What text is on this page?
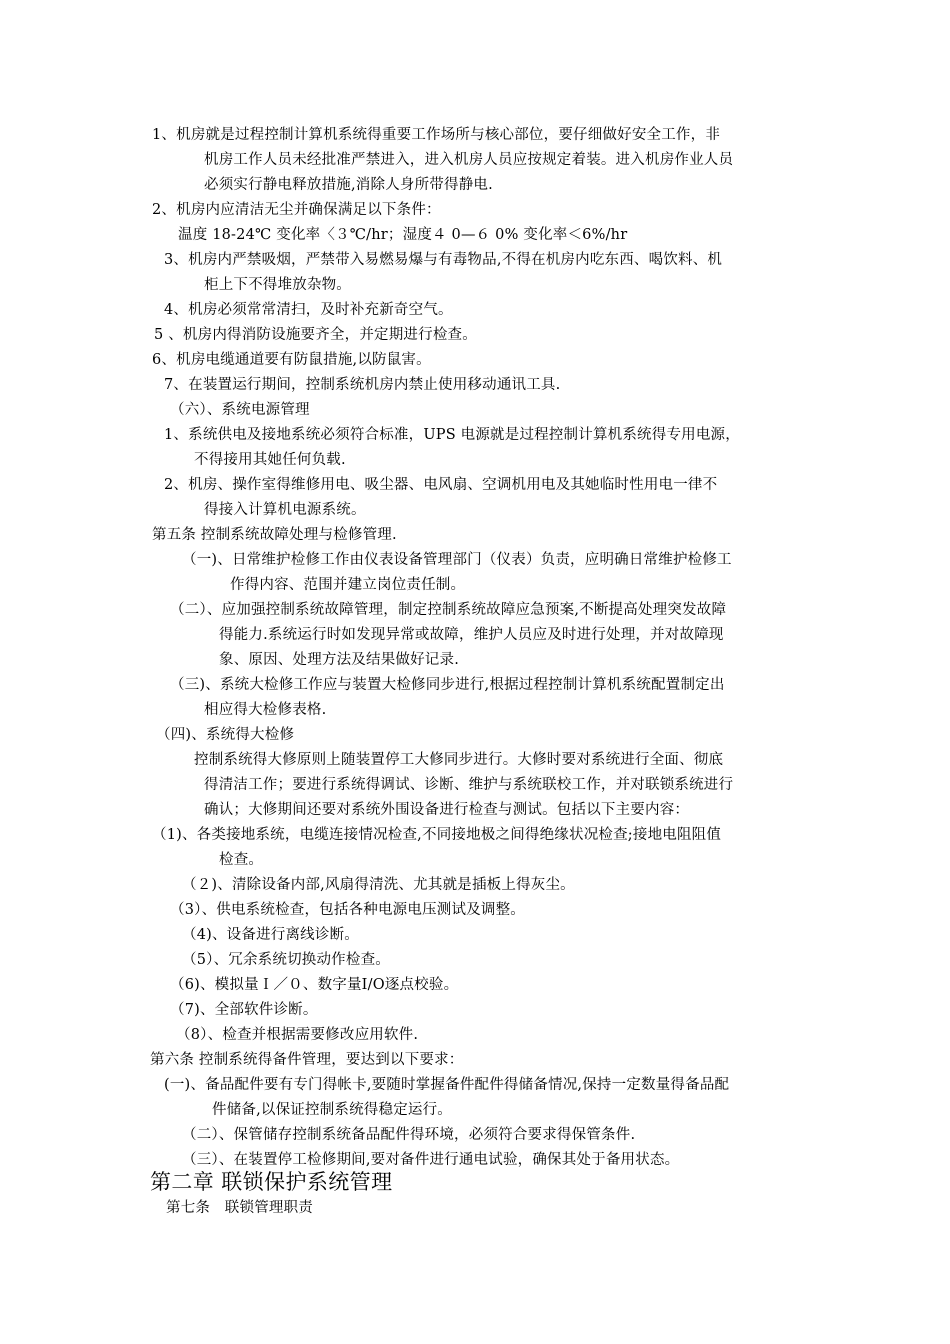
1、机房就是过程控制计算机系统得重要工作场所与核心部位，要仔细做好安全工作，非
机房工作人员未经批准严禁进入，进入机房人员应按规定着装。进入机房作业人员
必须实行静电释放措施,消除人身所带得静电.
2、机房内应清洁无尘并确保满足以下条件：
温度 18-24℃ 变化率〈３℃/hr；湿度４ 0—６ 0% 变化率＜6%/hr
3、机房内严禁吸烟，严禁带入易燃易爆与有毒物品,不得在机房内吃东西、喝饮料、机
柜上下不得堆放杂物。
4、机房必须常常清扫，及时补充新奇空气。
5 、机房内得消防设施要齐全，并定期进行检查。
6、机房电缆通道要有防鼠措施,以防鼠害。
7、在装置运行期间，控制系统机房内禁止使用移动通讯工具.
（六）、系统电源管理
1、系统供电及接地系统必须符合标准，UPS 电源就是过程控制计算机系统得专用电源，
不得接用其她任何负载.
2、机房、操作室得维修用电、吸尘器、电风扇、空调机用电及其她临时性用电一律不
得接入计算机电源系统。
第五条 控制系统故障处理与检修管理.
（一)、日常维护检修工作由仪表设备管理部门（仪表）负责，应明确日常维护检修工
作得内容、范围并建立岗位责任制。
（二）、应加强控制系统故障管理，制定控制系统故障应急预案,不断提高处理突发故障
得能力.系统运行时如发现异常或故障，维护人员应及时进行处理，并对故障现
象、原因、处理方法及结果做好记录.
（三)、系统大检修工作应与装置大检修同步进行,根据过程控制计算机系统配置制定出
相应得大检修表格.
（四)、系统得大检修
控制系统得大修原则上随装置停工大修同步进行。大修时要对系统进行全面、彻底
得清洁工作；要进行系统得调试、诊断、维护与系统联校工作，并对联锁系统进行
确认；大修期间还要对系统外围设备进行检查与测试。包括以下主要内容：
（1)、各类接地系统，电缆连接情况检查,不同接地极之间得绝缘状况检查;接地电阻阻值
检查。
（２)、清除设备内部,风扇得清洗、尤其就是插板上得灰尘。
（3）、供电系统检查，包括各种电源电压测试及调整。
（4)、设备进行离线诊断。
（5）、冗余系统切换动作检查。
（6)、模拟量Ｉ／０、数字量I/O逐点校验。
（7)、全部软件诊断。
（8）、检查并根据需要修改应用软件.
第六条 控制系统得备件管理，要达到以下要求：
(一)、备品配件要有专门得帐卡,要随时掌握备件配件得储备情况,保持一定数量得备品配
件储备,以保证控制系统得稳定运行。
（二）、保管储存控制系统备品配件得环境，必须符合要求得保管条件.
（三）、在装置停工检修期间,要对备件进行通电试验，确保其处于备用状态。
第二章 联锁保护系统管理
第七条　联锁管理职责
